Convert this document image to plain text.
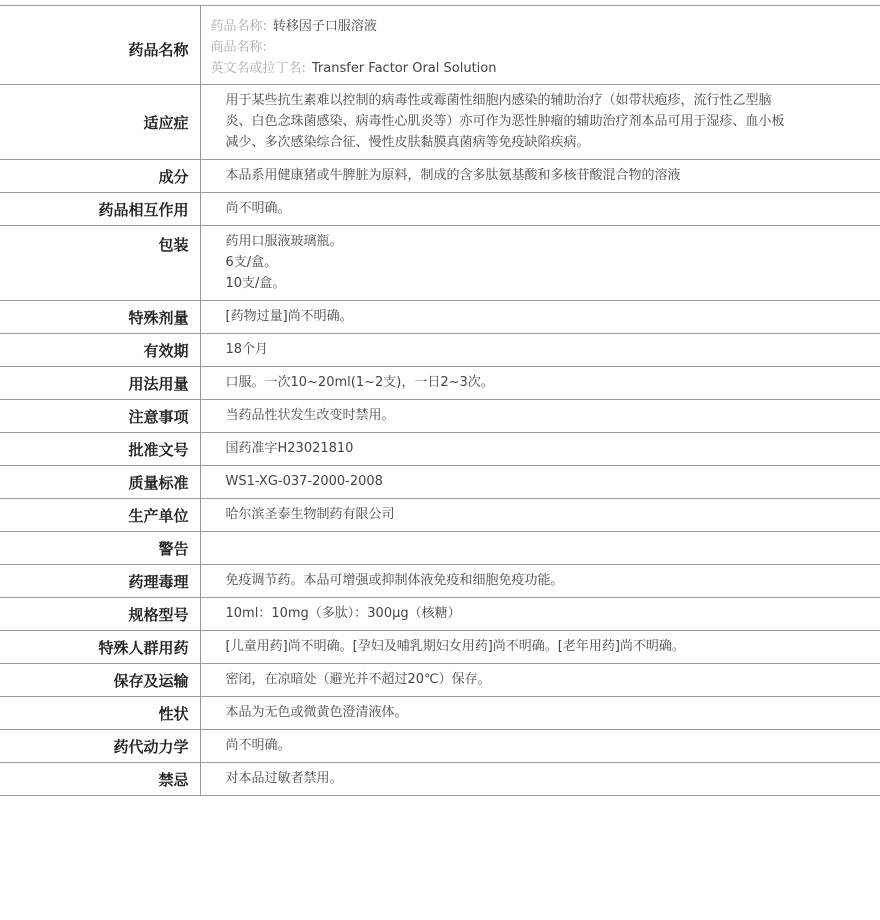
药品名称	药品名称: 转移因子口服溶液
商品名称:
英文名或拉丁名: Transfer Factor Oral Solution

适应症	用于某些抗生素难以控制的病毒性或霉菌性细胞内感染的辅助治疗（如带状疱疹，流行性乙型脑炎、白色念珠菌感染、病毒性心肌炎等）亦可作为恶性肿瘤的辅助治疗剂本品可用于湿疹、血小板减少、多次感染综合征、慢性皮肤黏膜真菌病等免疫缺陷疾病。
成分	本品系用健康猪或牛脾脏为原料，制成的含多肽氨基酸和多核苷酸混合物的溶液
药品相互作用	尚不明确。
包装	药用口服液玻璃瓶。
6支/盒。
10支/盒。

特殊剂量	[药物过量]尚不明确。
有效期	18个月
用法用量	口服。一次10~20ml(1~2支)，一日2~3次。
注意事项	当药品性状发生改变时禁用。
批准文号	国药准字H23021810
质量标准	WS1-XG-037-2000-2008
生产单位	哈尔滨圣泰生物制药有限公司
警告	
药理毒理	免疫调节药。本品可增强或抑制体液免疫和细胞免疫功能。
规格型号	10ml：10mg（多肽）：300μg（核糖）
特殊人群用药	[儿童用药]尚不明确。[孕妇及哺乳期妇女用药]尚不明确。[老年用药]尚不明确。
保存及运输	密闭，在凉暗处（避光并不超过20℃）保存。
性状	本品为无色或微黄色澄清液体。
药代动力学	尚不明确。
禁忌	对本品过敏者禁用。
